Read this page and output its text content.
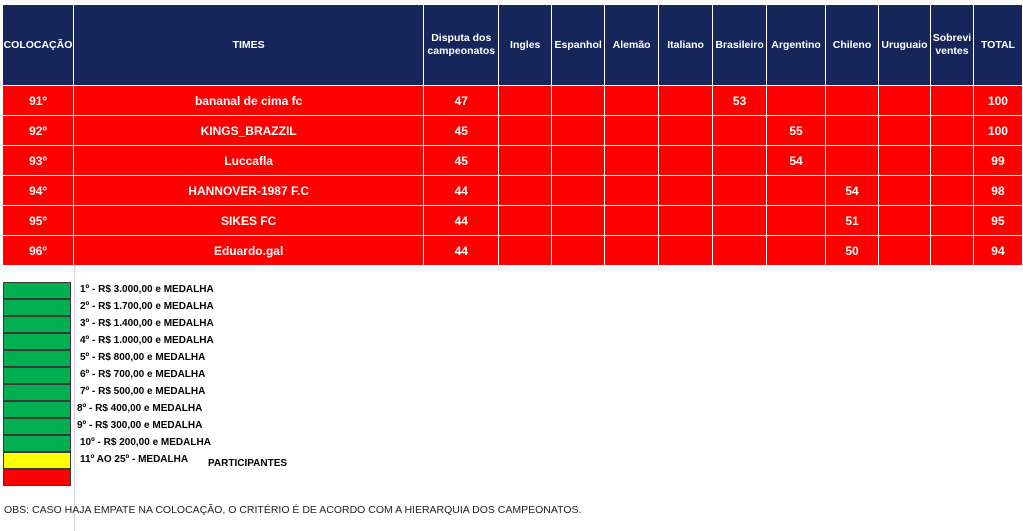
COLOCAÇÃO	TIMES	Disputa dos campeonatos	Ingles	Espanhol	Alemão	Italiano	Brasileiro	Argentino	Chileno	Uruguaio	Sobrevi ventes	TOTAL
91º	bananal de cima fc	47					53					100
92º	KINGS_BRAZZIL	45						55				100
93º	Luccafla	45						54				99
94º	HANNOVER-1987 F.C	44							54			98
95º	SIKES FC	44							51			95
96º	Eduardo.gal	44							50			94
1º - R$ 3.000,00 e MEDALHA
2º - R$ 1.700,00 e MEDALHA
3º - R$ 1.400,00 e MEDALHA
4º - R$ 1.000,00 e MEDALHA
5º - R$ 800,00 e MEDALHA
6º - R$ 700,00 e MEDALHA
7º - R$ 500,00 e MEDALHA
8º - R$ 400,00 e MEDALHA
9º - R$ 300,00 e MEDALHA
10º - R$ 200,00 e MEDALHA
11º AO 25º - MEDALHA PARTICIPANTES
OBS: CASO HAJA EMPATE NA COLOCAÇÃO, O CRITÉRIO É DE ACORDO COM A HIERARQUIA DOS CAMPEONATOS.
